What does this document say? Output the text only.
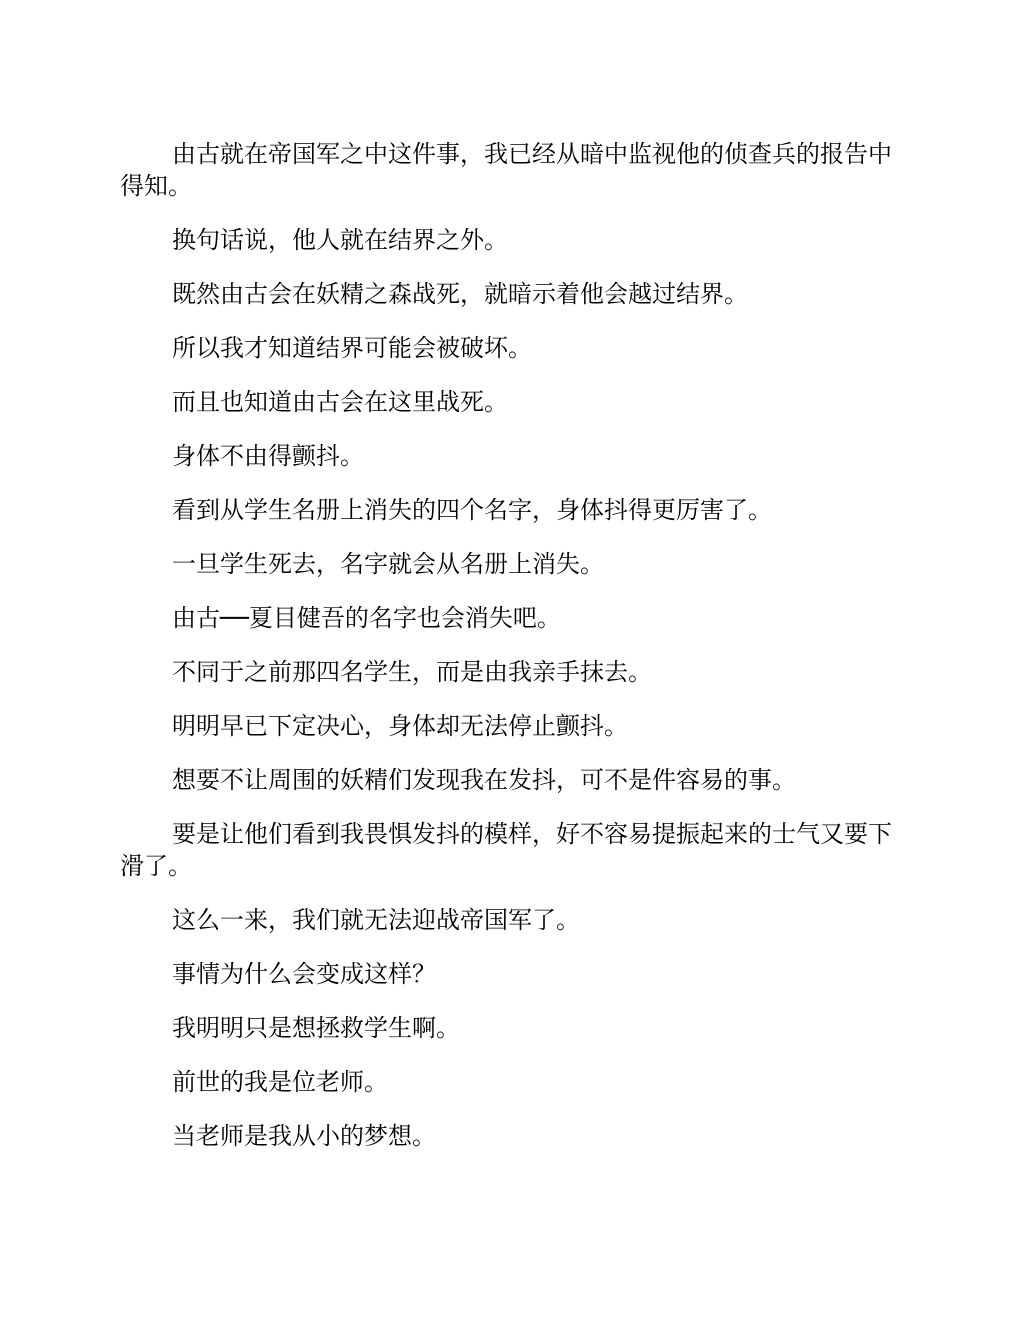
由古就在帝国军之中这件事，我已经从暗中监视他的侦查兵的报告中得知。

换句话说，他人就在结界之外。

既然由古会在妖精之森战死，就暗示着他会越过结界。

所以我才知道结界可能会被破坏。

而且也知道由古会在这里战死。

身体不由得颤抖。

看到从学生名册上消失的四个名字，身体抖得更厉害了。

一旦学生死去，名字就会从名册上消失。

由古──夏目健吾的名字也会消失吧。

不同于之前那四名学生，而是由我亲手抹去。

明明早已下定决心，身体却无法停止颤抖。

想要不让周围的妖精们发现我在发抖，可不是件容易的事。

要是让他们看到我畏惧发抖的模样，好不容易提振起来的士气又要下滑了。

这么一来，我们就无法迎战帝国军了。

事情为什么会变成这样？

我明明只是想拯救学生啊。

前世的我是位老师。

当老师是我从小的梦想。
